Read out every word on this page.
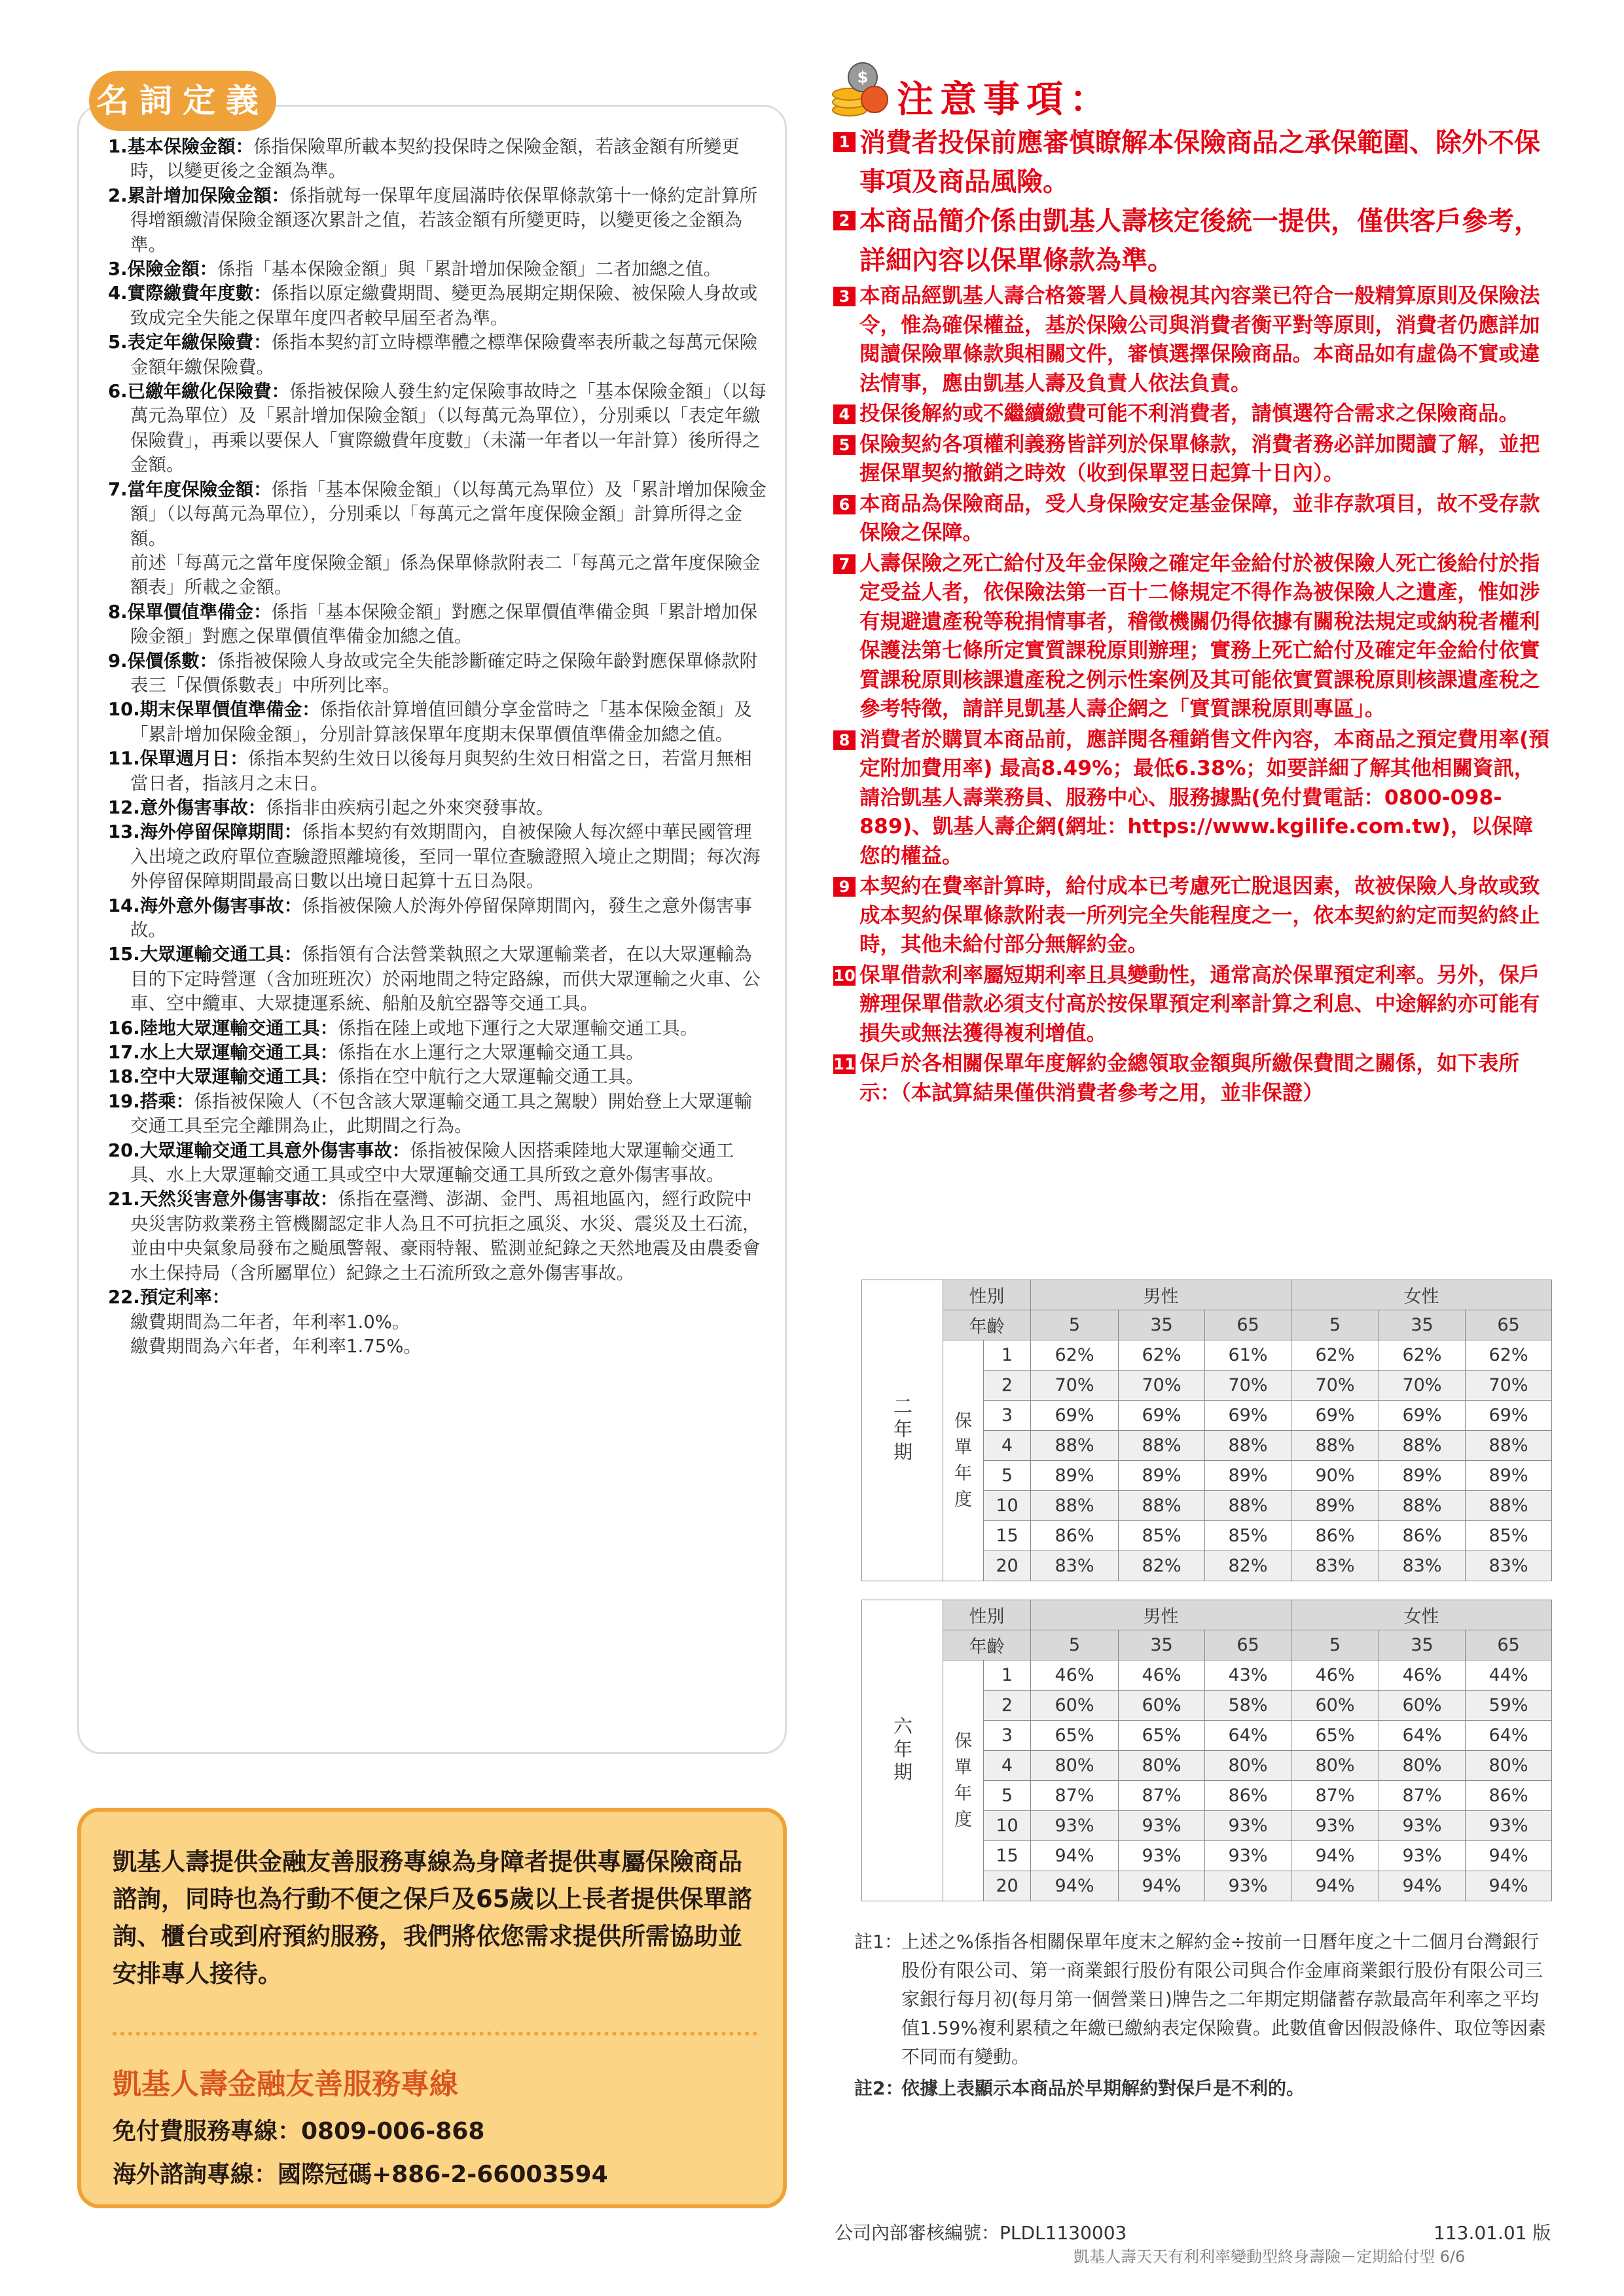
名詞定義

1.基本保險金額：係指保險單所載本契約投保時之保險金額，若該金額有所變更時，以變更後之金額為準。

2.累計增加保險金額：係指就每一保單年度屆滿時依保單條款第十一條約定計算所得增額繳清保險金額逐次累計之值，若該金額有所變更時，以變更後之金額為準。

3.保險金額：係指「基本保險金額」與「累計增加保險金額」二者加總之值。

4.實際繳費年度數：係指以原定繳費期間、變更為展期定期保險、被保險人身故或致成完全失能之保單年度四者較早屆至者為準。

5.表定年繳保險費：係指本契約訂立時標準體之標準保險費率表所載之每萬元保險金額年繳保險費。

6.已繳年繳化保險費：係指被保險人發生約定保險事故時之「基本保險金額」（以每萬元為單位）及「累計增加保險金額」（以每萬元為單位），分別乘以「表定年繳保險費」，再乘以要保人「實際繳費年度數」（未滿一年者以一年計算）後所得之金額。

7.當年度保險金額：係指「基本保險金額」（以每萬元為單位）及「累計增加保險金額」（以每萬元為單位），分別乘以「每萬元之當年度保險金額」計算所得之金額。

前述「每萬元之當年度保險金額」係為保單條款附表二「每萬元之當年度保險金額表」所載之金額。

8.保單價值準備金：係指「基本保險金額」對應之保單價值準備金與「累計增加保險金額」對應之保單價值準備金加總之值。

9.保價係數：係指被保險人身故或完全失能診斷確定時之保險年齡對應保單條款附表三「保價係數表」中所列比率。

10.期末保單價值準備金：係指依計算增值回饋分享金當時之「基本保險金額」及「累計增加保險金額」，分別計算該保單年度期末保單價值準備金加總之值。

11.保單週月日：係指本契約生效日以後每月與契約生效日相當之日，若當月無相當日者，指該月之末日。

12.意外傷害事故：係指非由疾病引起之外來突發事故。

13.海外停留保障期間：係指本契約有效期間內，自被保險人每次經中華民國管理入出境之政府單位查驗證照離境後，至同一單位查驗證照入境止之期間；每次海外停留保障期間最高日數以出境日起算十五日為限。

14.海外意外傷害事故：係指被保險人於海外停留保障期間內，發生之意外傷害事故。

15.大眾運輸交通工具：係指領有合法營業執照之大眾運輸業者，在以大眾運輸為目的下定時營運（含加班班次）於兩地間之特定路線，而供大眾運輸之火車、公車、空中纜車、大眾捷運系統、船舶及航空器等交通工具。

16.陸地大眾運輸交通工具：係指在陸上或地下運行之大眾運輸交通工具。

17.水上大眾運輸交通工具：係指在水上運行之大眾運輸交通工具。

18.空中大眾運輸交通工具：係指在空中航行之大眾運輸交通工具。

19.搭乘：係指被保險人（不包含該大眾運輸交通工具之駕駛）開始登上大眾運輸交通工具至完全離開為止，此期間之行為。

20.大眾運輸交通工具意外傷害事故：係指被保險人因搭乘陸地大眾運輸交通工具、水上大眾運輸交通工具或空中大眾運輸交通工具所致之意外傷害事故。

21.天然災害意外傷害事故：係指在臺灣、澎湖、金門、馬祖地區內，經行政院中央災害防救業務主管機關認定非人為且不可抗拒之風災、水災、震災及土石流，並由中央氣象局發布之颱風警報、豪雨特報、監測並紀錄之天然地震及由農委會水土保持局（含所屬單位）紀錄之土石流所致之意外傷害事故。

22.預定利率：

繳費期間為二年者，年利率1.0%。

繳費期間為六年者，年利率1.75%。

凱基人壽提供金融友善服務專線為身障者提供專屬保險商品諮詢，同時也為行動不便之保戶及65歲以上長者提供保單諮詢、櫃台或到府預約服務，我們將依您需求提供所需協助並安排專人接待。
凱基人壽金融友善服務專線
免付費服務專線：0809-006-868
海外諮詢專線：國際冠碼+886-2-66003594
$
注意事項：

1 消費者投保前應審慎瞭解本保險商品之承保範圍、除外不保事項及商品風險。

2 本商品簡介係由凱基人壽核定後統一提供，僅供客戶參考，詳細內容以保單條款為準。

3 本商品經凱基人壽合格簽署人員檢視其內容業已符合一般精算原則及保險法令，惟為確保權益，基於保險公司與消費者衡平對等原則，消費者仍應詳加閱讀保險單條款與相關文件，審慎選擇保險商品。本商品如有虛偽不實或違法情事，應由凱基人壽及負責人依法負責。

4 投保後解約或不繼續繳費可能不利消費者，請慎選符合需求之保險商品。

5 保險契約各項權利義務皆詳列於保單條款，消費者務必詳加閱讀了解，並把握保單契約撤銷之時效（收到保單翌日起算十日內）。

6 本商品為保險商品，受人身保險安定基金保障，並非存款項目，故不受存款保險之保障。

7 人壽保險之死亡給付及年金保險之確定年金給付於被保險人死亡後給付於指定受益人者，依保險法第一百十二條規定不得作為被保險人之遺產，惟如涉有規避遺產稅等稅捐情事者，稽徵機關仍得依據有關稅法規定或納稅者權利保護法第七條所定實質課稅原則辦理；實務上死亡給付及確定年金給付依實質課稅原則核課遺產稅之例示性案例及其可能依實質課稅原則核課遺產稅之參考特徵，請詳見凱基人壽企網之「實質課稅原則專區」。

8 消費者於購買本商品前，應詳閱各種銷售文件內容，本商品之預定費用率(預定附加費用率) 最高8.49%；最低6.38%；如要詳細了解其他相關資訊，請洽凱基人壽業務員、服務中心、服務據點(免付費電話：0800-098-889)、凱基人壽企網(網址：https://www.kgilife.com.tw)，以保障您的權益。

9 本契約在費率計算時，給付成本已考慮死亡脫退因素，故被保險人身故或致成本契約保單條款附表一所列完全失能程度之一，依本契約約定而契約終止時，其他未給付部分無解約金。

10 保單借款利率屬短期利率且具變動性，通常高於保單預定利率。另外，保戶辦理保單借款必須支付高於按保單預定利率計算之利息、中途解約亦可能有損失或無法獲得複利增值。

11 保戶於各相關保單年度解約金總領取金額與所繳保費間之關係，如下表所示：（本試算結果僅供消費者參考之用，並非保證）

二年期	性別		男性			女性		
	年齡		5	35	65	5	35	65
	保單年度	1	62%	62%	61%	62%	62%	62%
		2	70%	70%	70%	70%	70%	70%
		3	69%	69%	69%	69%	69%	69%
		4	88%	88%	88%	88%	88%	88%
		5	89%	89%	89%	90%	89%	89%
		10	88%	88%	88%	89%	88%	88%
		15	86%	85%	85%	86%	86%	85%
		20	83%	82%	82%	83%	83%	83%
六年期	性別		男性			女性		
	年齡		5	35	65	5	35	65
	保單年度	1	46%	46%	43%	46%	46%	44%
		2	60%	60%	58%	60%	60%	59%
		3	65%	65%	64%	65%	64%	64%
		4	80%	80%	80%	80%	80%	80%
		5	87%	87%	86%	87%	87%	86%
		10	93%	93%	93%	93%	93%	93%
		15	94%	93%	93%	94%	93%	94%
		20	94%	94%	93%	94%	94%	94%
註1：
上述之%係指各相關保單年度末之解約金÷按前一日曆年度之十二個月台灣銀行股份有限公司、第一商業銀行股份有限公司與合作金庫商業銀行股份有限公司三家銀行每月初(每月第一個營業日)牌告之二年期定期儲蓄存款最高年利率之平均值1.59%複利累積之年繳已繳納表定保險費。此數值會因假設條件、取位等因素不同而有變動。
註2：
依據上表顯示本商品於早期解約對保戶是不利的。
公司內部審核編號：PLDL1130003	113.01.01 版
凱基人壽天天有利利率變動型終身壽險－定期給付型 6/6
